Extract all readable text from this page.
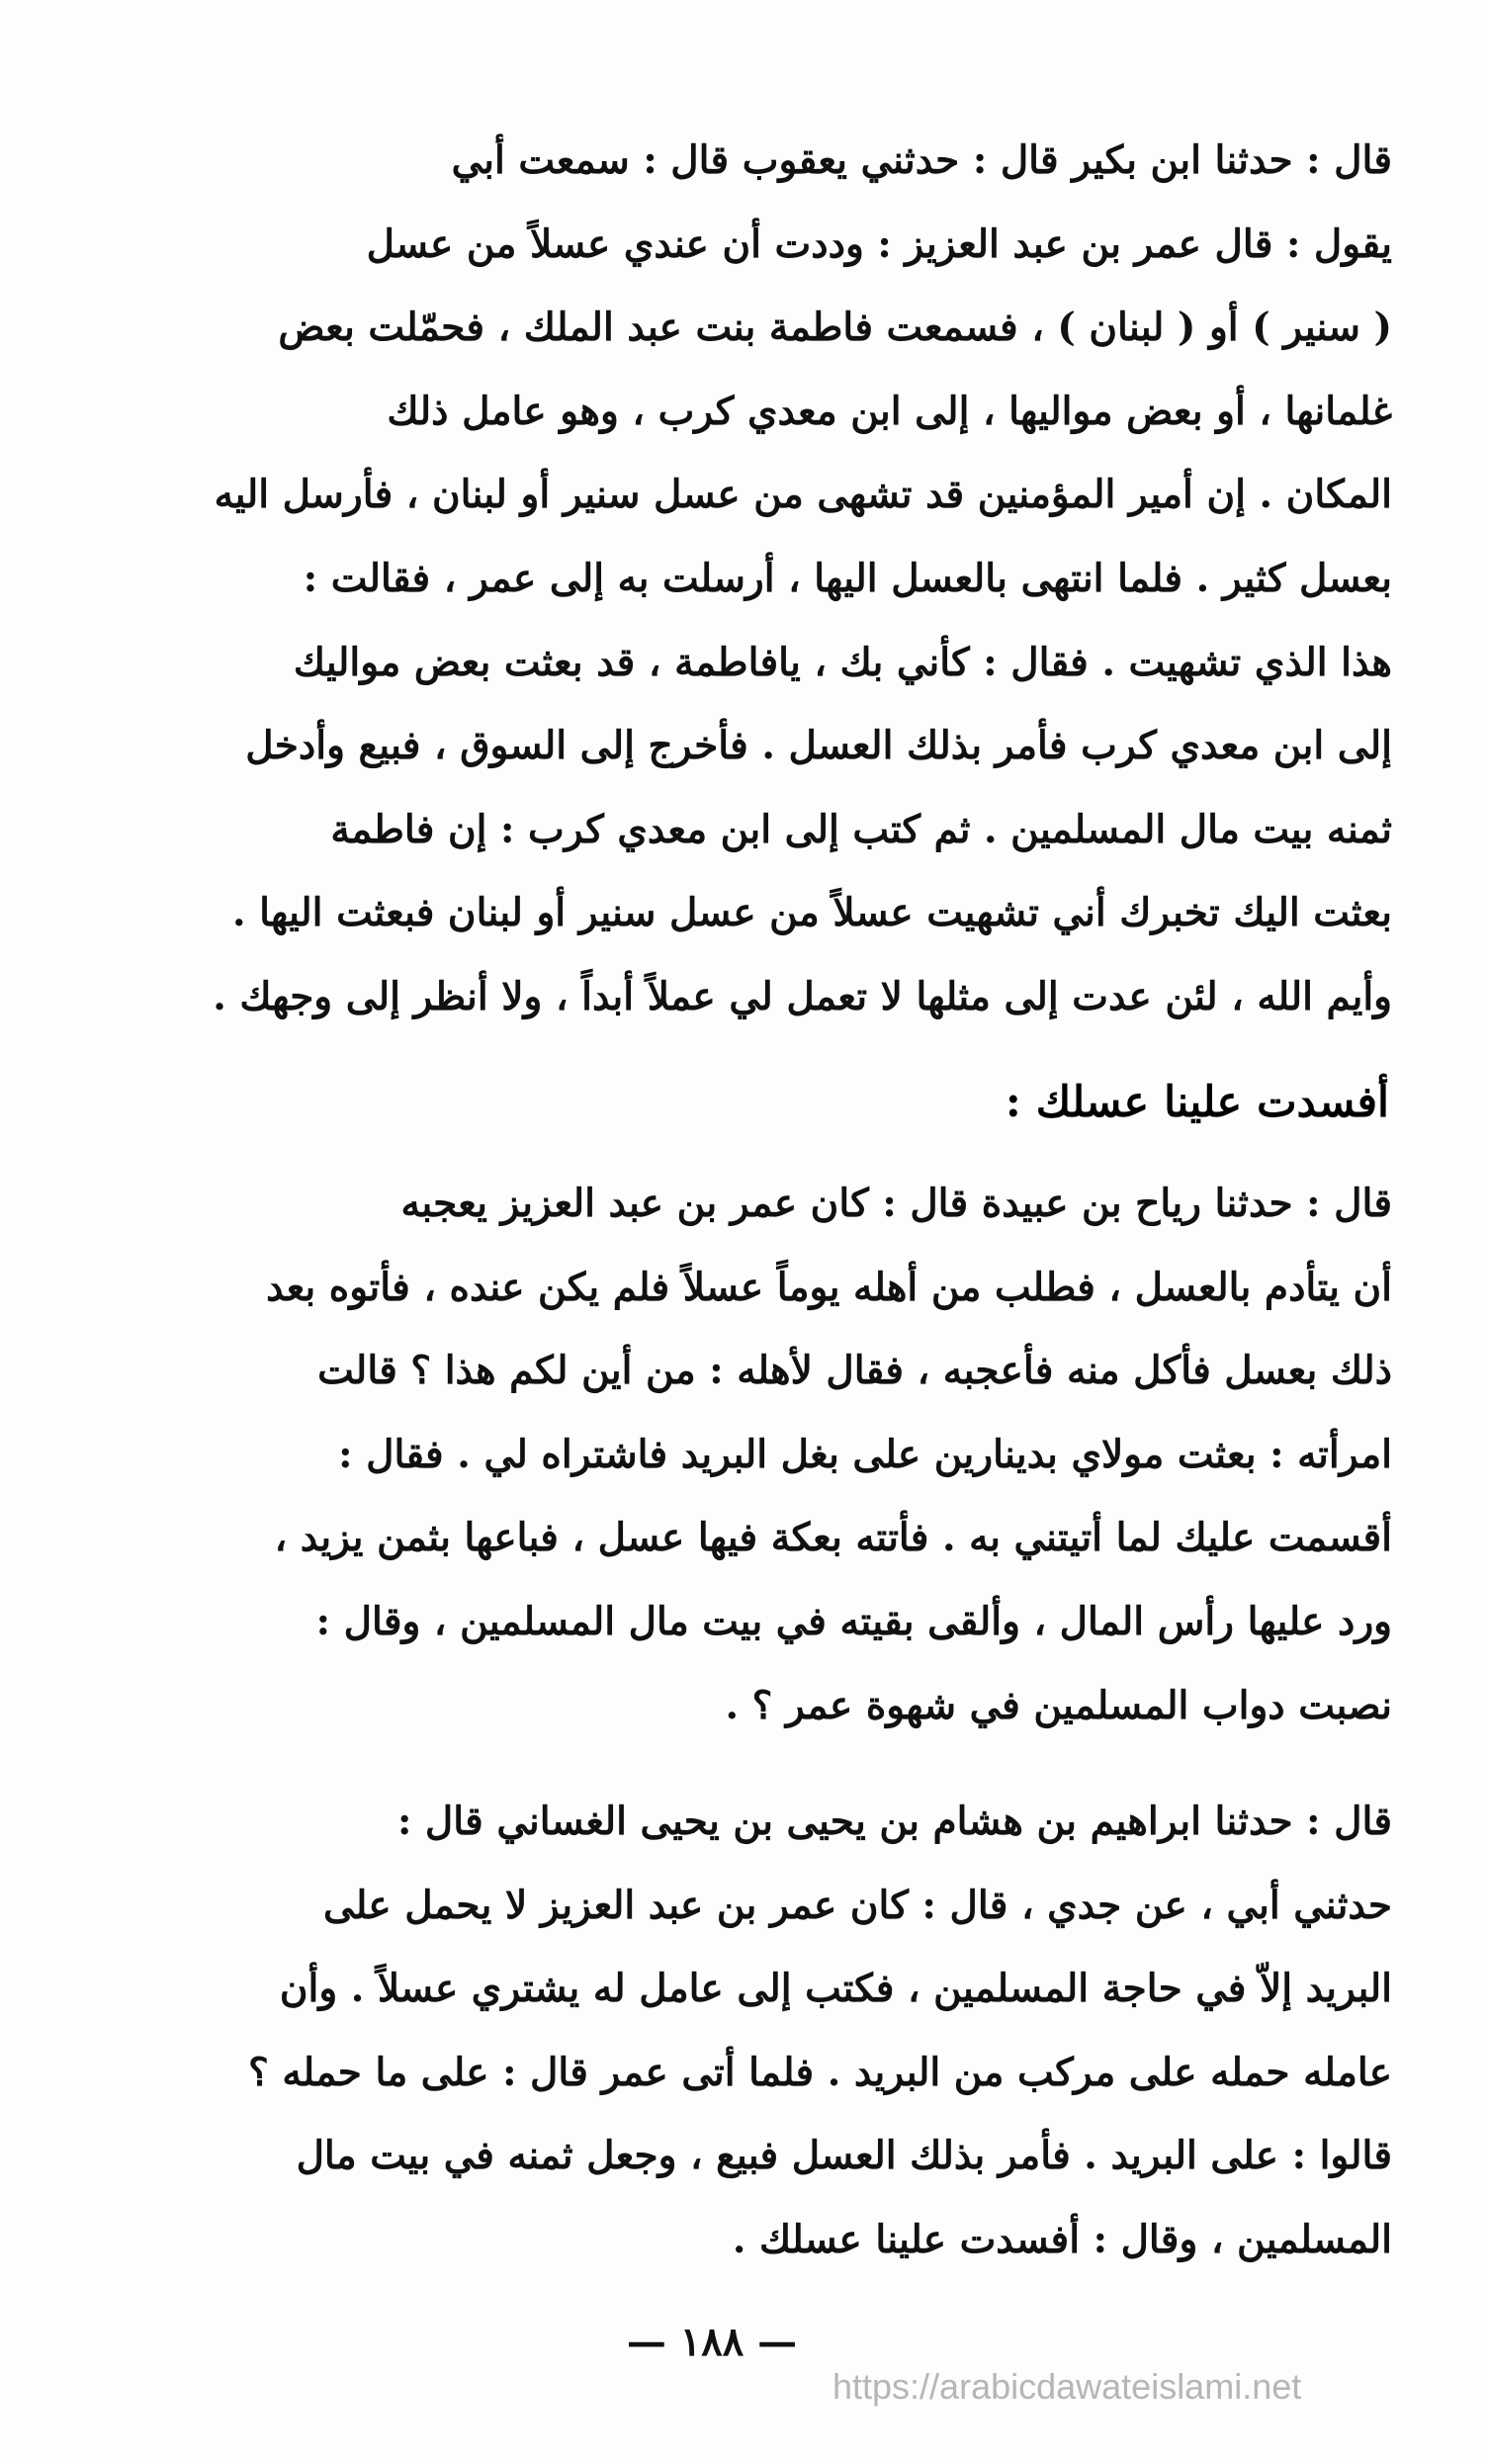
قال : حدثنا ابن بكير قال : حدثني يعقوب قال : سمعت أبي
يقول : قال عمر بن عبد العزيز : وددت أن عندي عسلاً من عسل
( سنير ) أو ( لبنان ) ، فسمعت فاطمة بنت عبد الملك ، فحمّلت بعض
غلمانها ، أو بعض مواليها ، إلى ابن معدي كرب ، وهو عامل ذلك
المكان . إن أمير المؤمنين قد تشهى من عسل سنير أو لبنان ، فأرسل اليه
بعسل كثير . فلما انتهى بالعسل اليها ، أرسلت به إلى عمر ، فقالت :
هذا الذي تشهيت . فقال : كأني بك ، يافاطمة ، قد بعثت بعض مواليك
إلى ابن معدي كرب فأمر بذلك العسل . فأخرج إلى السوق ، فبيع وأدخل
ثمنه بيت مال المسلمين . ثم كتب إلى ابن معدي كرب : إن فاطمة
بعثت اليك تخبرك أني تشهيت عسلاً من عسل سنير أو لبنان فبعثت اليها .
وأيم الله ، لئن عدت إلى مثلها لا تعمل لي عملاً أبداً ، ولا أنظر إلى وجهك .
أفسدت علينا عسلك :
قال : حدثنا رياح بن عبيدة قال : كان عمر بن عبد العزيز يعجبه
أن يتأدم بالعسل ، فطلب من أهله يوماً عسلاً فلم يكن عنده ، فأتوه بعد
ذلك بعسل فأكل منه فأعجبه ، فقال لأهله : من أين لكم هذا ؟ قالت
امرأته : بعثت مولاي بدينارين على بغل البريد فاشتراه لي . فقال :
أقسمت عليك لما أتيتني به . فأتته بعكة فيها عسل ، فباعها بثمن يزيد ،
ورد عليها رأس المال ، وألقى بقيته في بيت مال المسلمين ، وقال :
نصبت دواب المسلمين في شهوة عمر ؟ .
قال : حدثنا ابراهيم بن هشام بن يحيى بن يحيى الغساني قال :
حدثني أبي ، عن جدي ، قال : كان عمر بن عبد العزيز لا يحمل على
البريد إلاّ في حاجة المسلمين ، فكتب إلى عامل له يشتري عسلاً . وأن
عامله حمله على مركب من البريد . فلما أتى عمر قال : على ما حمله ؟
قالوا : على البريد . فأمر بذلك العسل فبيع ، وجعل ثمنه في بيت مال
المسلمين ، وقال : أفسدت علينا عسلك .
— ١٨٨ —
https://arabicdawateislami.net
